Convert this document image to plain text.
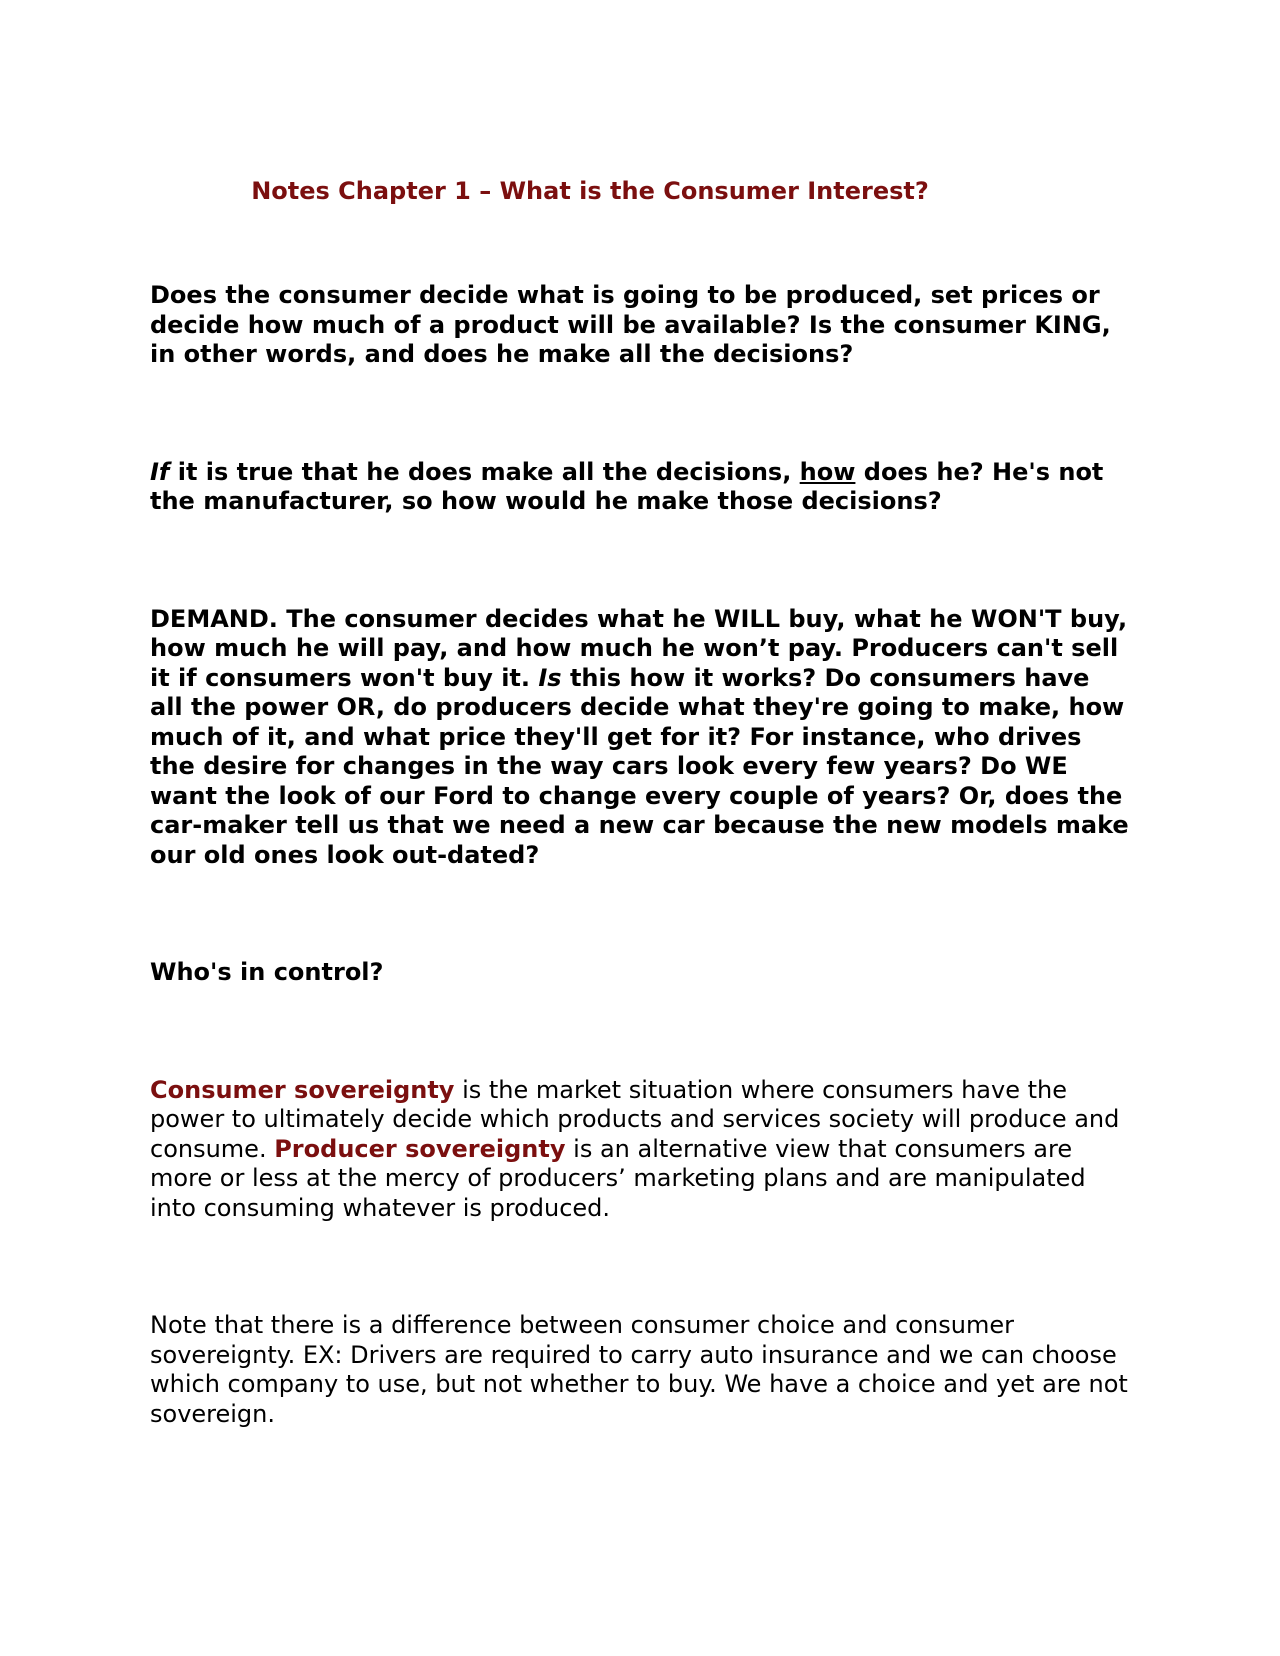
Notes Chapter 1 – What is the Consumer Interest?

Does the consumer decide what is going to be produced, set prices or decide how much of a product will be available? Is the consumer KING, in other words, and does he make all the decisions?

If it is true that he does make all the decisions, how does he? He's not the manufacturer, so how would he make those decisions?

DEMAND. The consumer decides what he WILL buy, what he WON'T buy, how much he will pay, and how much he won’t pay. Producers can't sell it if consumers won't buy it. Is this how it works? Do consumers have all the power OR, do producers decide what they're going to make, how much of it, and what price they'll get for it? For instance, who drives the desire for changes in the way cars look every few years? Do WE want the look of our Ford to change every couple of years? Or, does the car-maker tell us that we need a new car because the new models make our old ones look out-dated?

Who's in control?

Consumer sovereignty is the market situation where consumers have the power to ultimately decide which products and services society will produce and consume. Producer sovereignty is an alternative view that consumers are more or less at the mercy of producers’ marketing plans and are manipulated into consuming whatever is produced.

Note that there is a difference between consumer choice and consumer sovereignty. EX: Drivers are required to carry auto insurance and we can choose which company to use, but not whether to buy. We have a choice and yet are not sovereign.
